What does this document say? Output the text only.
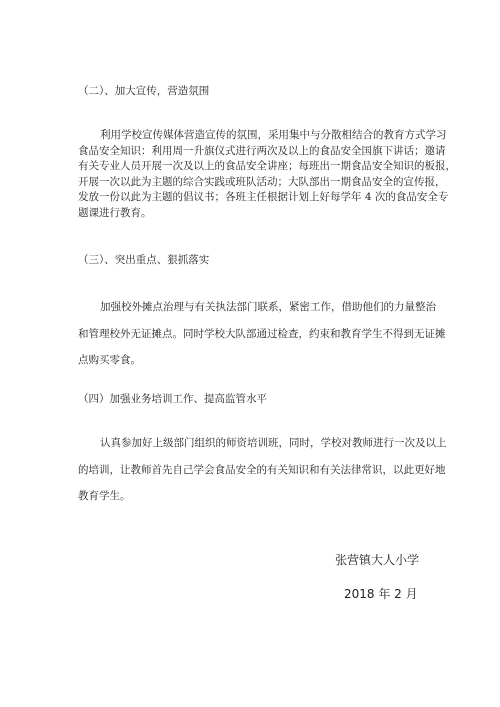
（二）、加大宣传，营造氛围
利用学校宣传媒体营造宣传的氛围，采用集中与分散相结合的教育方式学习
食品安全知识：利用周一升旗仪式进行两次及以上的食品安全国旗下讲话；邀请
有关专业人员开展一次及以上的食品安全讲座；每班出一期食品安全知识的板报，
开展一次以此为主题的综合实践或班队活动；大队部出一期食品安全的宣传报，
发放一份以此为主题的倡议书；各班主任根据计划上好每学年 4 次的食品安全专
题课进行教育。
（三）、突出重点、狠抓落实
加强校外摊点治理与有关执法部门联系，紧密工作，借助他们的力量整治
和管理校外无证摊点。同时学校大队部通过检查，约束和教育学生不得到无证摊
点购买零食。
（四）加强业务培训工作、提高监管水平
认真参加好上级部门组织的师资培训班，同时，学校对教师进行一次及以上
的培训，让教师首先自己学会食品安全的有关知识和有关法律常识，以此更好地
教育学生。
张营镇大人小学
2018 年 2 月
